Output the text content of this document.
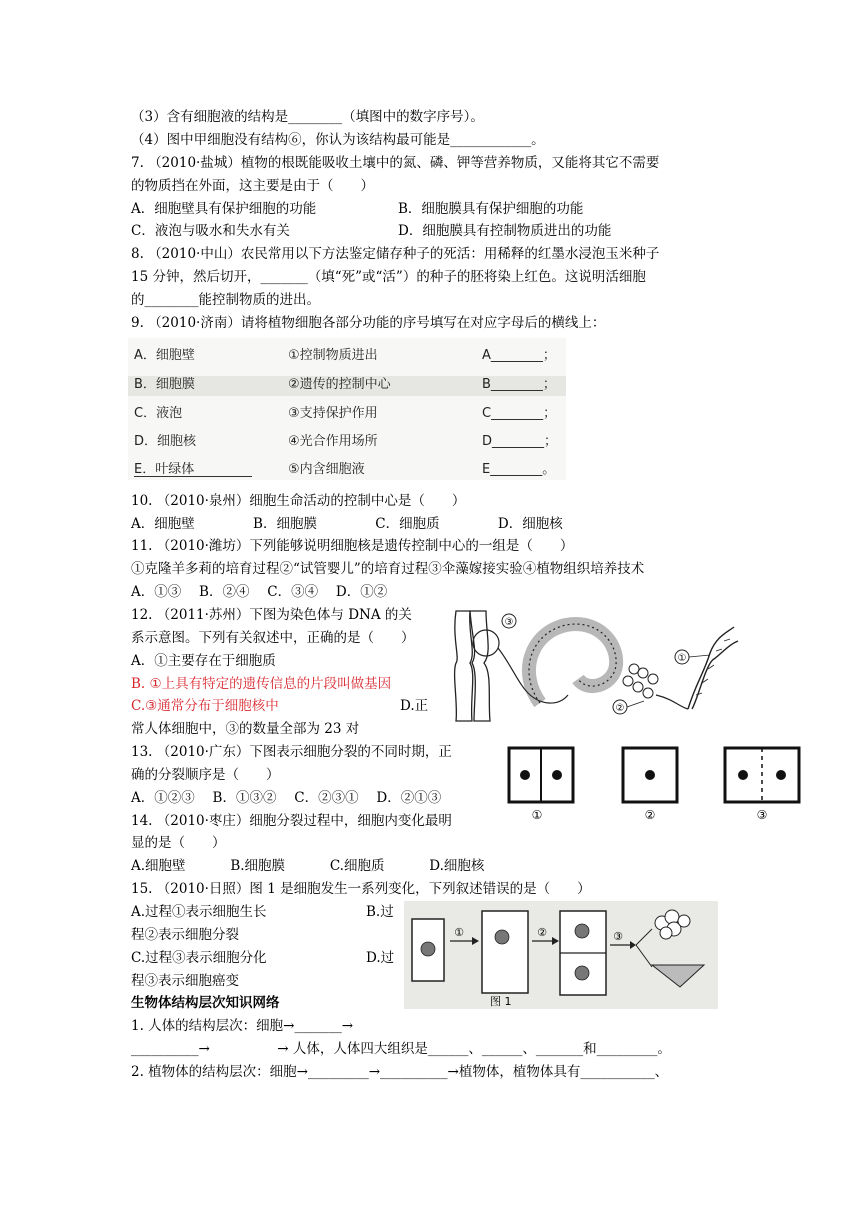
（3）含有细胞液的结构是________（填图中的数字序号）。
（4）图中甲细胞没有结构⑥，你认为该结构最可能是____________。
7. （2010·盐城）植物的根既能吸收土壤中的氮、磷、钾等营养物质，又能将其它不需要
的物质挡在外面，这主要是由于（　　）
A．细胞壁具有保护细胞的功能	B．细胞膜具有保护细胞的功能
C．液泡与吸水和失水有关	D．细胞膜具有控制物质进出的功能
8. （2010·中山）农民常用以下方法鉴定储存种子的死活：用稀释的红墨水浸泡玉米种子
15 分钟，然后切开，_______（填“死”或“活”）的种子的胚将染上红色。这说明活细胞
的________能控制物质的进出。
9. （2010·济南）请将植物细胞各部分功能的序号填写在对应字母后的横线上：
A．细胞壁	①控制物质进出	A________；
B．细胞膜	②遗传的控制中心	B________；
C．液泡	③支持保护作用	C________；
D．细胞核	④光合作用场所	D________；
E．叶绿体	⑤内含细胞液	E________。
10. （2010·泉州）细胞生命活动的控制中心是（　　）
A．细胞壁　　　　 B．细胞膜　　　　 C．细胞质　　　　 D．细胞核
11. （2010·潍坊）下列能够说明细胞核是遗传控制中心的一组是（　　）
①克隆羊多莉的培育过程②“试管婴儿”的培育过程③伞藻嫁接实验④植物组织培养技术
A．①③　 B．②④　 C．③④　 D．①②
12. （2011·苏州）下图为染色体与 DNA 的关
系示意图。下列有关叙述中，正确的是（　　）
A．①主要存在于细胞质
B. ①上具有特定的遗传信息的片段叫做基因
C.③通常分布于细胞核中	D.正
常人体细胞中，③的数量全部为 23 对
13. （2010·广东）下图表示细胞分裂的不同时期，正
确的分裂顺序是（　　）
A．①②③　 B．①③②　 C．②③①　 D．②①③
14. （2010·枣庄）细胞分裂过程中，细胞内变化最明
显的是（　　）
A.细胞壁　　　 B.细胞膜　　　 C.细胞质　　　 D.细胞核
15. （2010·日照）图 1 是细胞发生一系列变化，下列叙述错误的是（　　）
A.过程①表示细胞生长	B.过
程②表示细胞分裂
C.过程③表示细胞分化	D.过
程③表示细胞癌变
生物体结构层次知识网络
1. 人体的结构层次：细胞→_______→
__________→　　　　　→ 人体，人体四大组织是______、______、_______和_________。
2. 植物体的结构层次：细胞→_________→__________→植物体，植物体具有___________、
③
①
②
①	②	③
①	②	③
图 1
